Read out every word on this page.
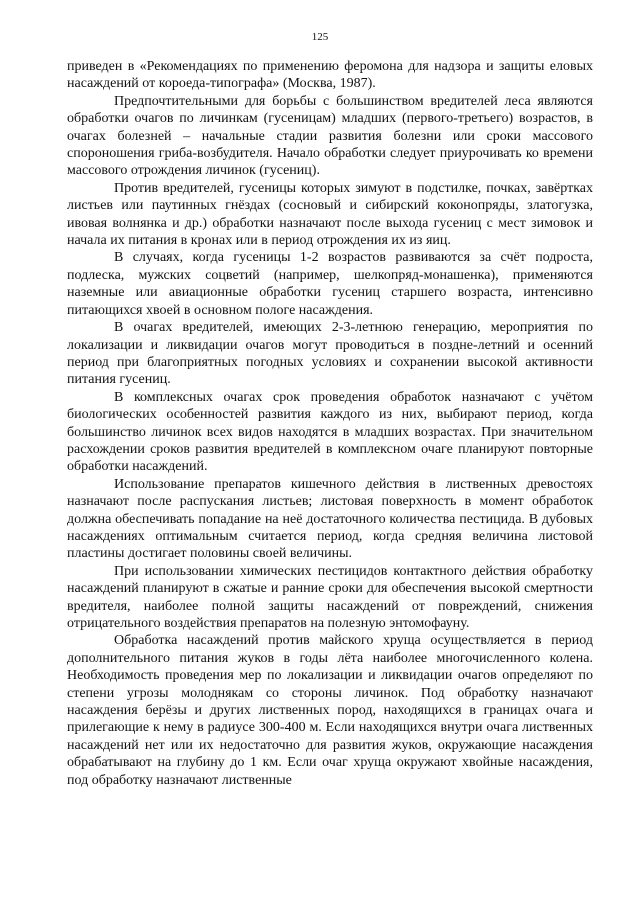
125

приведен в «Рекомендациях по применению феромона для надзора и защиты еловых насаждений от короеда-типографа» (Москва, 1987).

Предпочтительными для борьбы с большинством вредителей леса являются обработки очагов по личинкам (гусеницам) младших (первого-третьего) возрастов, в очагах болезней – начальные стадии развития болезни или сроки массового спороношения гриба-возбудителя. Начало обработки следует приурочивать ко времени массового отрождения личинок (гусениц).

Против вредителей, гусеницы которых зимуют в подстилке, почках, завёртках листьев или паутинных гнёздах (сосновый и сибирский коконопряды, златогузка, ивовая волнянка и др.) обработки назначают после выхода гусениц с мест зимовок и начала их питания в кронах или в период отрождения их из яиц.

В случаях, когда гусеницы 1-2 возрастов развиваются за счёт подроста, подлеска, мужских соцветий (например, шелкопряд-монашенка), применяются наземные или авиационные обработки гусениц старшего возраста, интенсивно питающихся хвоей в основном пологе насаждения.

В очагах вредителей, имеющих 2-3-летнюю генерацию, мероприятия по локализации и ликвидации очагов могут проводиться в поздне-летний и осенний период при благоприятных погодных условиях и сохранении высокой активности питания гусениц.

В комплексных очагах срок проведения обработок назначают с учётом биологических особенностей развития каждого из них, выбирают период, когда большинство личинок всех видов находятся в младших возрастах. При значительном расхождении сроков развития вредителей в комплексном очаге планируют повторные обработки насаждений.

Использование препаратов кишечного действия в лиственных древостоях назначают после распускания листьев; листовая поверхность в момент обработок должна обеспечивать попадание на неё достаточного количества пестицида. В дубовых насаждениях оптимальным считается период, когда средняя величина листовой пластины достигает половины своей величины.

При использовании химических пестицидов контактного действия обработку насаждений планируют в сжатые и ранние сроки для обеспечения высокой смертности вредителя, наиболее полной защиты насаждений от повреждений, снижения отрицательного воздействия препаратов на полезную энтомофауну.

Обработка насаждений против майского хруща осуществляется в период дополнительного питания жуков в годы лёта наиболее многочисленного колена. Необходимость проведения мер по локализации и ликвидации очагов определяют по степени угрозы молоднякам со стороны личинок. Под обработку назначают насаждения берёзы и других лиственных пород, находящихся в границах очага и прилегающие к нему в радиусе 300-400 м. Если находящихся внутри очага лиственных насаждений нет или их недостаточно для развития жуков, окружающие насаждения обрабатывают на глубину до 1 км. Если очаг хруща окружают хвойные насаждения, под обработку назначают лиственные
